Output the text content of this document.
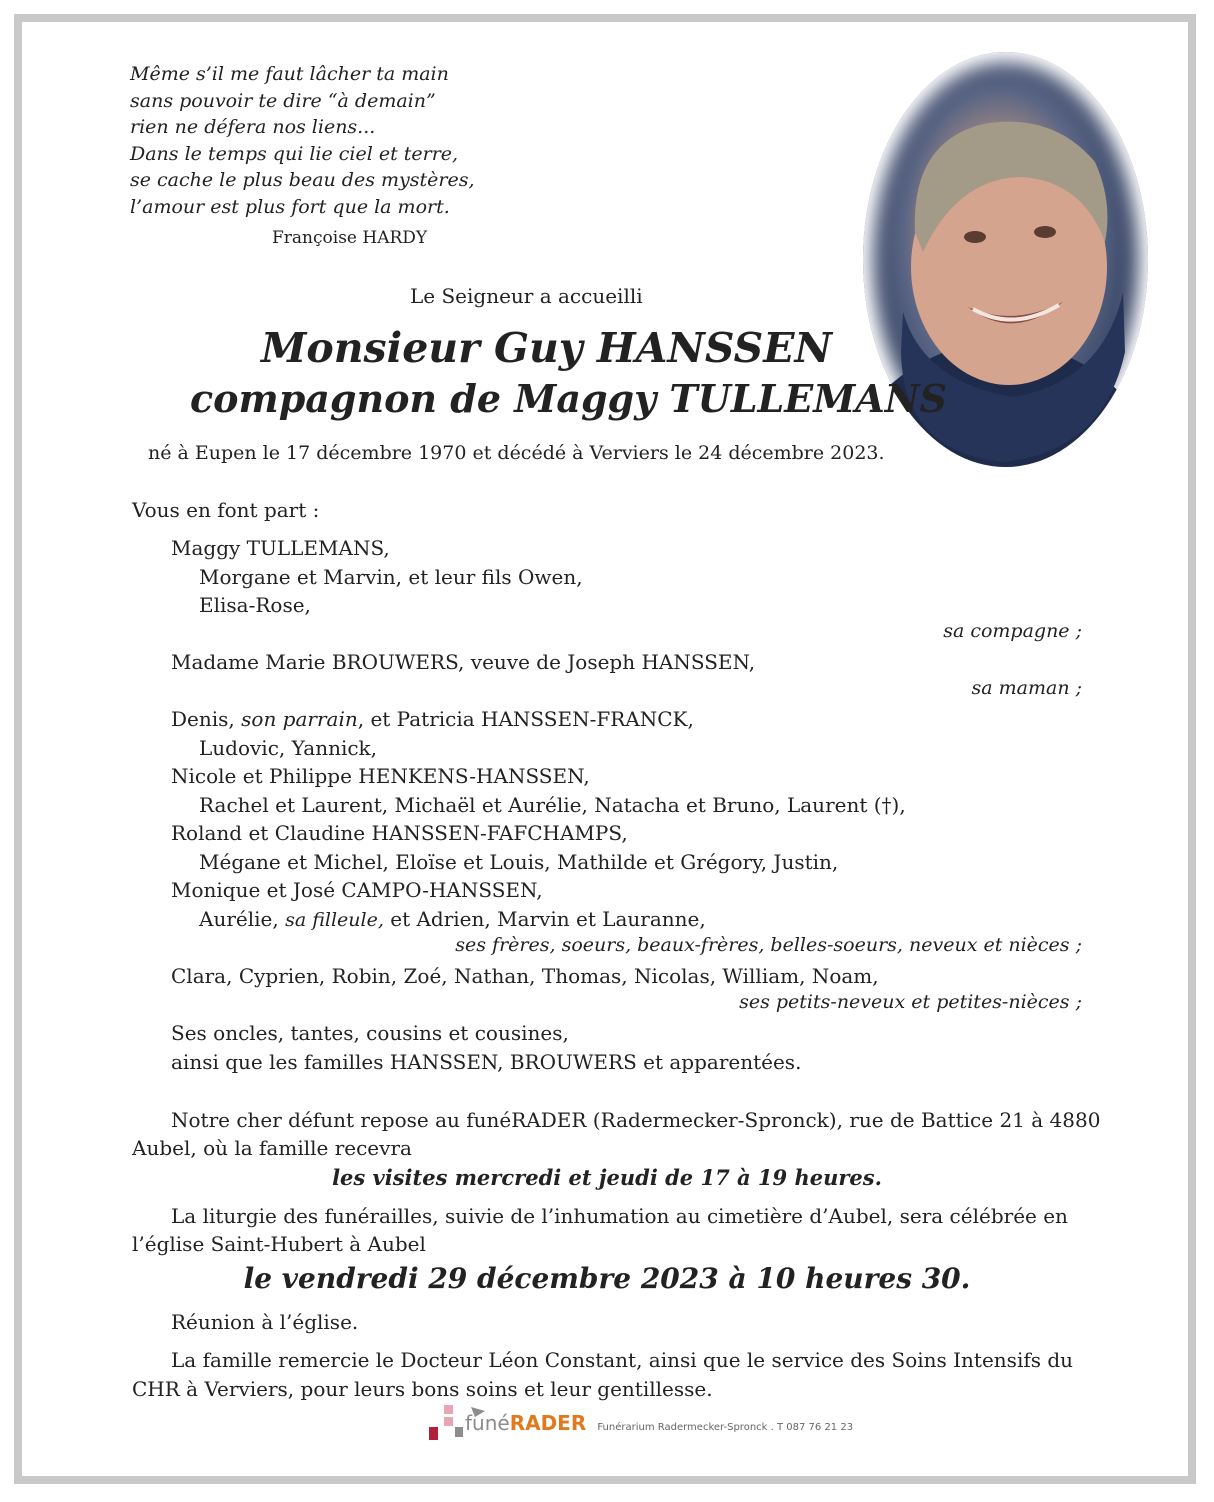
Même s’il me faut lâcher ta main
sans pouvoir te dire “à demain”
rien ne défera nos liens...
Dans le temps qui lie ciel et terre,
se cache le plus beau des mystères,
l’amour est plus fort que la mort.
Françoise HARDY
Le Seigneur a accueilli
Monsieur Guy HANSSEN
compagnon de Maggy TULLEMANS
né à Eupen le 17 décembre 1970 et décédé à Verviers le 24 décembre 2023.
Vous en font part :
Maggy TULLEMANS,
Morgane et Marvin, et leur fils Owen,
Elisa-Rose,
sa compagne ;
Madame Marie BROUWERS, veuve de Joseph HANSSEN,
sa maman ;
Denis, son parrain, et Patricia HANSSEN-FRANCK,
Ludovic, Yannick,
Nicole et Philippe HENKENS-HANSSEN,
Rachel et Laurent, Michaël et Aurélie, Natacha et Bruno, Laurent (†),
Roland et Claudine HANSSEN-FAFCHAMPS,
Mégane et Michel, Eloïse et Louis, Mathilde et Grégory, Justin,
Monique et José CAMPO-HANSSEN,
Aurélie, sa filleule, et Adrien, Marvin et Lauranne,
ses frères, soeurs, beaux-frères, belles-soeurs, neveux et nièces ;
Clara, Cyprien, Robin, Zoé, Nathan, Thomas, Nicolas, William, Noam,
ses petits-neveux et petites-nièces ;
Ses oncles, tantes, cousins et cousines,
ainsi que les familles HANSSEN, BROUWERS et apparentées.
Notre cher défunt repose au funéRADER (Radermecker-Spronck), rue de Battice 21 à 4880
Aubel, où la famille recevra
les visites mercredi et jeudi de 17 à 19 heures.
La liturgie des funérailles, suivie de l’inhumation au cimetière d’Aubel, sera célébrée en
l’église Saint-Hubert à Aubel
le vendredi 29 décembre 2023 à 10 heures 30.
Réunion à l’église.
La famille remercie le Docteur Léon Constant, ainsi que le service des Soins Intensifs du
CHR à Verviers, pour leurs bons soins et leur gentillesse.
funéRADER Funérarium Radermecker-Spronck . T 087 76 21 23
